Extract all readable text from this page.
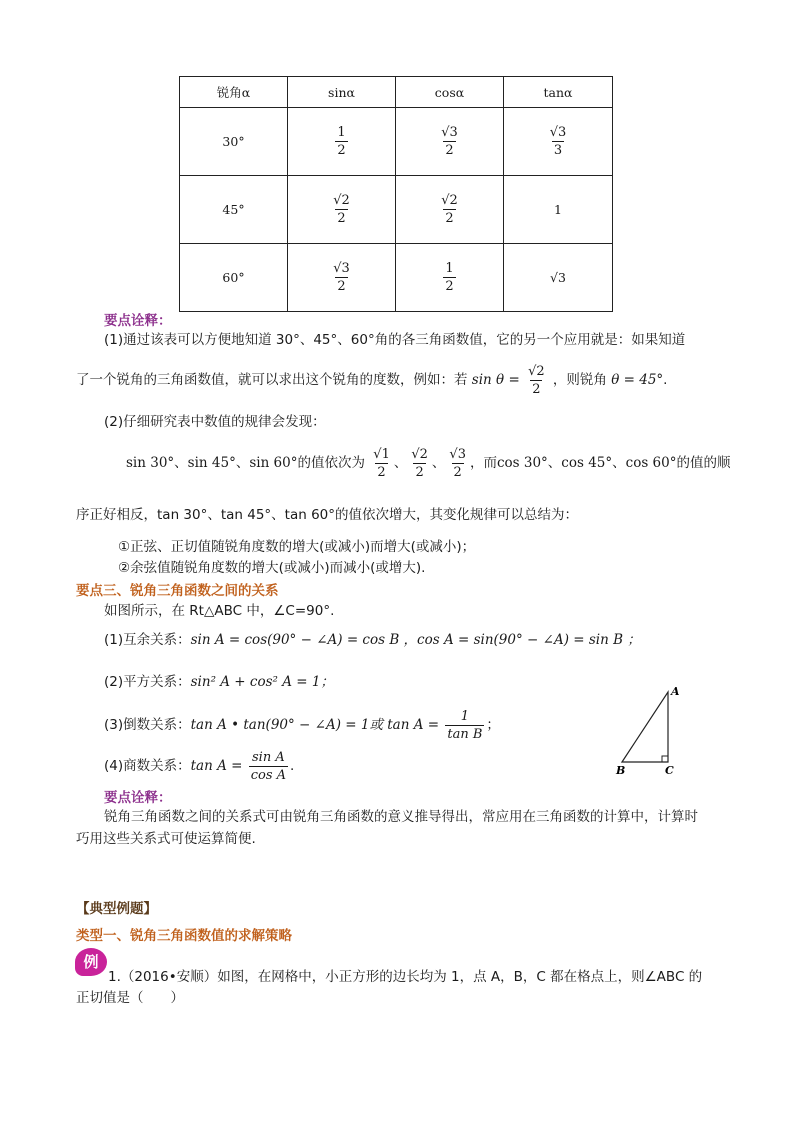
锐角α	sinα	cosα	tanα
30°	$\frac{1}{2}$	$\frac{√3}{2}$	$\frac{√3}{3}$

45°	$\frac{√2}{2}$	$\frac{√2}{2}$	1
60°	$\frac{√3}{2}$	$\frac{1}{2}$	√3
要点诠释：
(1)通过该表可以方便地知道 30°、45°、60°角的各三角函数值，它的另一个应用就是：如果知道
了一个锐角的三角函数值，就可以求出这个锐角的度数，例如：若 $\sin \theta = \frac{√2}{2}$ ，则锐角 θ = 45°.
(2)仔细研究表中数值的规律会发现：
sin 30°、sin 45°、sin 60°的值依次为 $\frac{√1}{2}$ 、 $\frac{√2}{2}$ 、 $\frac{√3}{2}$ ，而cos 30°、cos 45°、cos 60°的值的顺
序正好相反，tan 30°、tan 45°、tan 60°的值依次增大，其变化规律可以总结为：
①正弦、正切值随锐角度数的增大(或减小)而增大(或减小)；
②余弦值随锐角度数的增大(或减小)而减小(或增大).
要点三、锐角三角函数之间的关系
如图所示，在 Rt△ABC 中，∠C=90°.
(1)互余关系：sin A = cos(90° − ∠A) = cos B ，cos A = sin(90° − ∠A) = sin B ；
(2)平方关系：sin² A + cos² A = 1；
(3)倒数关系：tan A • tan(90° − ∠A) = 1或 $\tan A = \frac{1}{\text{tan B}}$ ；
(4)商数关系：$\tan A = \frac{\text{sin A}}{\text{cos A}}$ .
A
B	C
要点诠释：
锐角三角函数之间的关系式可由锐角三角函数的意义推导得出，常应用在三角函数的计算中，计算时
巧用这些关系式可使运算简便.
【典型例题】
类型一、锐角三角函数值的求解策略
例
1.（2016•安顺）如图，在网格中，小正方形的边长均为 1，点 A，B，C 都在格点上，则∠ABC 的
正切值是（　　）
